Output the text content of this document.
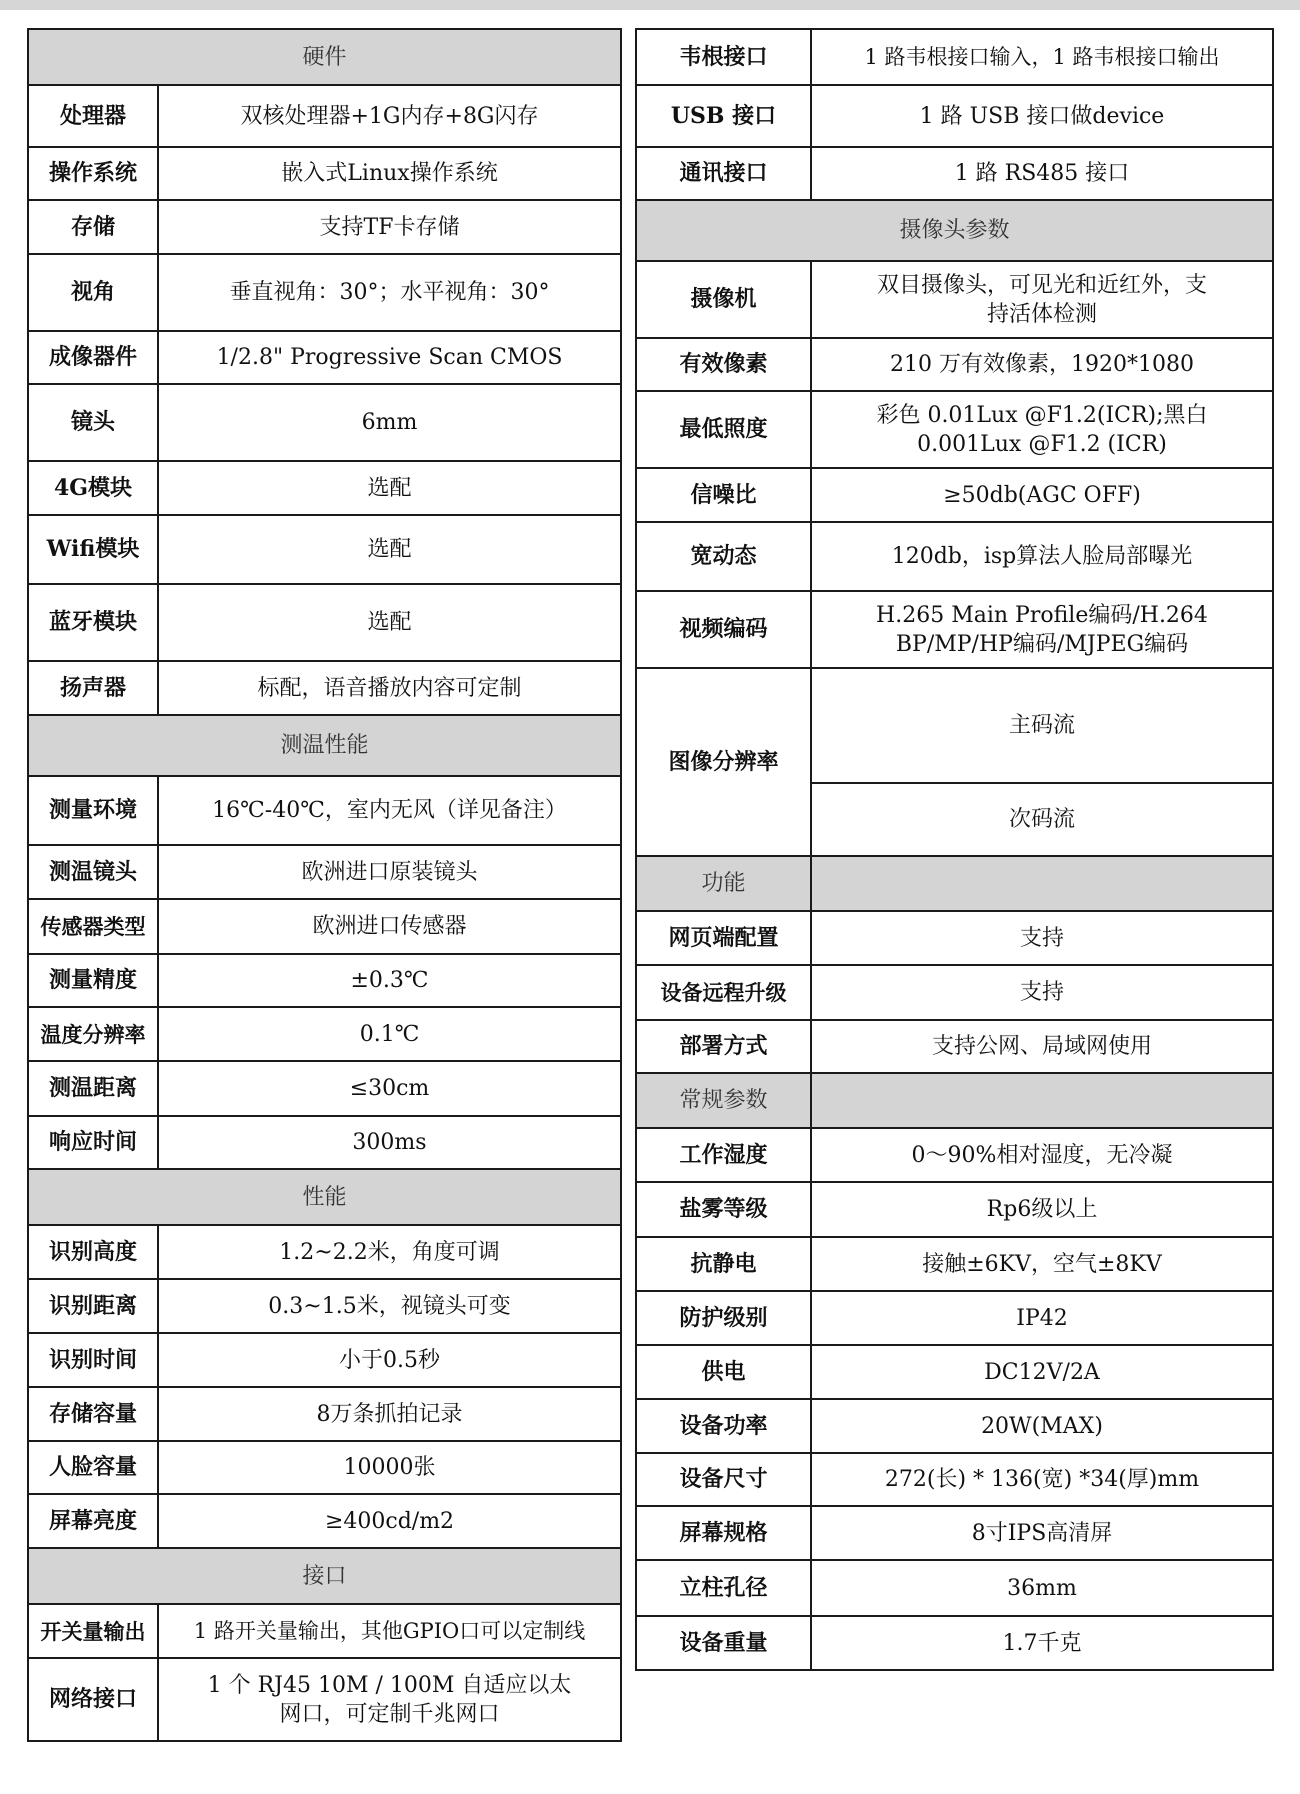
硬件	
处理器	双核处理器+1G内存+8G闪存
操作系统	嵌入式Linux操作系统
存储	支持TF卡存储
视角	垂直视角：30°；水平视角：30°
成像器件	1/2.8" Progressive Scan CMOS
镜头	6mm
4G模块	选配
Wifi模块	选配
蓝牙模块	选配
扬声器	标配，语音播放内容可定制
测温性能	
测量环境	16℃-40℃，室内无风（详见备注）
测温镜头	欧洲进口原装镜头
传感器类型	欧洲进口传感器
测量精度	±0.3℃
温度分辨率	0.1℃
测温距离	≤30cm
响应时间	300ms
性能	
识别高度	1.2~2.2米，角度可调
识别距离	0.3~1.5米，视镜头可变
识别时间	小于0.5秒
存储容量	8万条抓拍记录
人脸容量	10000张
屏幕亮度	≥400cd/m2
接口	
开关量输出	1 路开关量输出，其他GPIO口可以定制线
网络接口	1 个 RJ45 10M / 100M 自适应以太网口，可定制千兆网口
韦根接口	1 路韦根接口输入，1 路韦根接口输出
USB 接口	1 路 USB 接口做device
通讯接口	1 路 RS485 接口
摄像头参数	
摄像机	双目摄像头，可见光和近红外，支持活体检测
有效像素	210 万有效像素，1920*1080
最低照度	彩色 0.01Lux @F1.2(ICR);黑白 0.001Lux @F1.2 (ICR)
信噪比	≥50db(AGC OFF)
宽动态	120db，isp算法人脸局部曝光
视频编码	H.265 Main Profile编码/H.264 BP/MP/HP编码/MJPEG编码
图像分辨率	主码流
	次码流
功能	
网页端配置	支持
设备远程升级	支持
部署方式	支持公网、局域网使用
常规参数	
工作湿度	0～90%相对湿度，无冷凝
盐雾等级	Rp6级以上
抗静电	接触±6KV，空气±8KV
防护级别	IP42
供电	DC12V/2A
设备功率	20W(MAX)
设备尺寸	272(长) * 136(宽) *34(厚)mm
屏幕规格	8寸IPS高清屏
立柱孔径	36mm
设备重量	1.7千克
